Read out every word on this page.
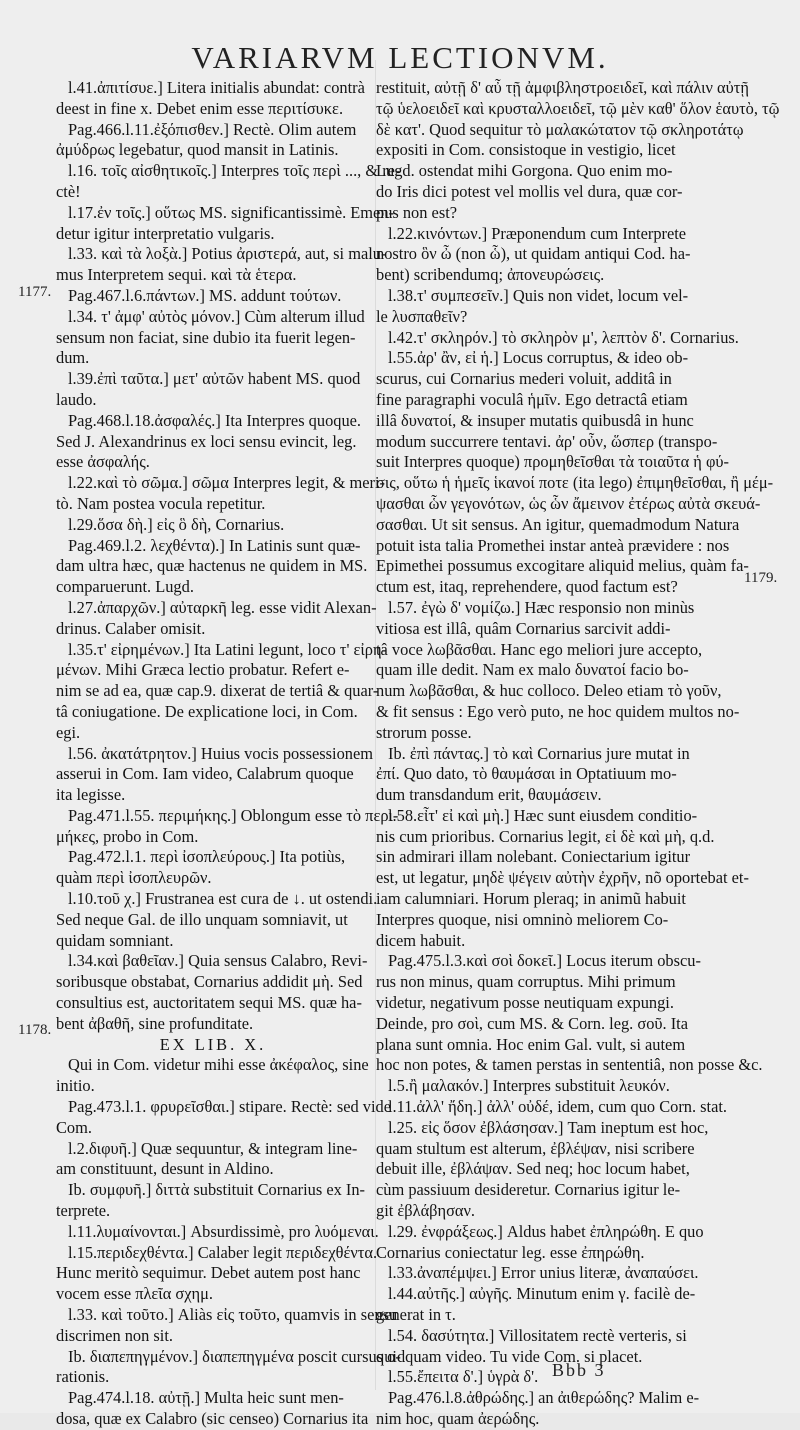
VARIARVM LECTIONVM.
1177.
1178.
1179.

l.41.ἀπιτίσυε.] Litera initialis abundat: contrà

deest in fine x. Debet enim esse περιτίσυκε.

Pag.466.l.11.ἐξόπισθεν.] Rectè. Olim autem

ἀμύδρως legebatur, quod mansit in Latinis.

l.16. τοῖς αἰσθητικοῖς.] Interpres τοῖς περὶ ..., & re-

ctè!

l.17.ἐν τοῖς.] οὕτως MS. significantissimè. Emen-

detur igitur interpretatio vulgaris.

l.33. καὶ τὰ λοξὰ.] Potius ἀριστερά, aut, si malu-

mus Interpretem sequi. καὶ τὰ ἑτερα.

Pag.467.l.6.πάντων.] MS. addunt τούτων.

l.34. τ' ἀμφ' αὐτὸς μόνον.] Cùm alterum illud

sensum non faciat, sine dubio ita fuerit legen-

dum.

l.39.ἐπὶ ταῦτα.] μετ' αὐτῶν habent MS. quod

laudo.

Pag.468.l.18.ἀσφαλές.] Ita Interpres quoque.

Sed J. Alexandrinus ex loci sensu evincit, leg.

esse ἀσφαλής.

l.22.καὶ τὸ σῶμα.] σῶμα Interpres legit, & meri-

tò. Nam postea vocula repetitur.

l.29.ὅσα δὴ.] εἰς ὃ δὴ, Cornarius.

Pag.469.l.2. λεχθέντα).] In Latinis sunt quæ-

dam ultra hæc, quæ hactenus ne quidem in MS.

comparuerunt. Lugd.

l.27.ἀπαρχῶν.] αὐταρκῆ leg. esse vidit Alexan-

drinus. Calaber omisit.

l.35.τ' εἰρημένων.] Ita Latini legunt, loco τ' εἰρη-

μένων. Mihi Græca lectio probatur. Refert e-

nim se ad ea, quæ cap.9. dixerat de tertiâ & quar-

tâ coniugatione. De explicatione loci, in Com.

egi.

l.56. ἀκατάτρητον.] Huius vocis possessionem

asserui in Com. Iam video, Calabrum quoque

ita legisse.

Pag.471.l.55. περιμήκης.] Oblongum esse τὸ περι-

μήκες, probo in Com.

Pag.472.l.1. περὶ ἰσοπλεύρους.] Ita potiùs,

quàm περὶ ἰσοπλευρῶν.

l.10.τοῦ χ.] Frustranea est cura de ↓. ut ostendi.

Sed neque Gal. de illo unquam somniavit, ut

quidam somniant.

l.34.καὶ βαθεῖαν.] Quia sensus Calabro, Revi-

soribusque obstabat, Cornarius addidit μὴ. Sed

consultius est, auctoritatem sequi MS. quæ ha-

bent ἀβαθῆ, sine profunditate.

EX LIB. X.

Qui in Com. videtur mihi esse ἀκέφαλος, sine

initio.

Pag.473.l.1. φρυρεῖσθαι.] stipare. Rectè: sed vide

Com.

l.2.διφυῆ.] Quæ sequuntur, & integram line-

am constituunt, desunt in Aldino.

Ib. συμφυῆ.] διττὰ substituit Cornarius ex In-

terprete.

l.11.λυμαίνονται.] Absurdissimè, pro λυόμεναι.

l.15.περιδεχθέντα.] Calaber legit περιδεχθέντα.

Hunc meritò sequimur. Debet autem post hanc

vocem esse πλεῖα σχημ.

l.33. καὶ τοῦτο.] Aliàs εἰς τοῦτο, quamvis in sensu

discrimen non sit.

Ib. διαπεπηγμένον.] διαπεπηγμένα poscit cursus o-

rationis.

Pag.474.l.18. αὐτῇ.] Multa heic sunt men-

dosa, quæ ex Calabro (sic censeo) Cornarius ita

restituit, αὐτῇ δ' αὖ τῇ ἀμφιβληστροειδεῖ, καὶ πάλιν αὐτῇ

τῷ ὑελοειδεῖ καὶ κρυσταλλοειδεῖ, τῷ μὲν καθ' ὅλον ἑαυτὸ, τῷ

δὲ κατ'. Quod sequitur τὸ μαλακώτατον τῷ σκληροτάτῳ

expositi in Com. consistoque in vestigio, licet

Lugd. ostendat mihi Gorgona. Quo enim mo-

do Iris dici potest vel mollis vel dura, quæ cor-

pus non est?

l.22.κινόντων.] Præponendum cum Interprete

nostro ὃν ὦ (non ὧ), ut quidam antiqui Cod. ha-

bent) scribendumq; ἀπονευρώσεις.

l.38.τ' συμπεσεῖν.] Quis non videt, locum vel-

le λυσπαθεῖν?

l.42.τ' σκληρόν.] τὸ σκληρὸν μ', λεπτὸν δ'. Cornarius.

l.55.ἀρ' ἂν, εἰ ἡ.] Locus corruptus, & ideo ob-

scurus, cui Cornarius mederi voluit, additâ in

fine paragraphi voculâ ἡμῖν. Ego detractâ etiam

illâ δυνατοί, & insuper mutatis quibusdâ in hunc

modum succurrere tentavi. ἀρ' οὖν, ὥσπερ (transpo-

suit Interpres quoque) προμηθεῖσθαι τὰ τοιαῦτα ἡ φύ-

σις, οὕτω ἡ ἡμεῖς ἱκανοί ποτε (ita lego) ἐπιμηθεῖσθαι, ἢ μέμ-

ψασθαι ὧν γεγονότων, ὡς ὧν ἄμεινον ἐτέρως αὐτὰ σκευά-

σασθαι. Ut sit sensus. An igitur, quemadmodum Natura

potuit ista talia Promethei instar anteà prævidere : nos

Epimethei possumus excogitare aliquid melius, quàm fa-

ctum est, itaq, reprehendere, quod factum est?

l.57. ἐγὼ δ' νομίζω.] Hæc responsio non minùs

vitiosa est illâ, quâm Cornarius sarcivit addi-

tâ voce λωβᾶσθαι. Hanc ego meliori jure accepto,

quam ille dedit. Nam ex malo δυνατοί facio bo-

num λωβᾶσθαι, & huc colloco. Deleo etiam τὸ γοῦν,

& fit sensus : Ego verò puto, ne hoc quidem multos no-

strorum posse.

Ib. ἐπὶ πάντας.] τὸ καὶ Cornarius jure mutat in

ἐπί. Quo dato, τὸ θαυμάσαι in Optatiuum mo-

dum transdandum erit, θαυμάσειν.

l.58.εἶτ' εἰ καὶ μὴ.] Hæc sunt eiusdem conditio-

nis cum prioribus. Cornarius legit, εἰ δὲ καὶ μὴ, q.d.

sin admirari illam nolebant. Coniectarium igitur

est, ut legatur, μηδὲ ψέγειν αὐτὴν ἐχρῆν, nõ oportebat et-

iam calumniari. Horum pleraq; in animũ habuit

Interpres quoque, nisi omninò meliorem Co-

dicem habuit.

Pag.475.l.3.καὶ σοὶ δοκεῖ.] Locus iterum obscu-

rus non minus, quam corruptus. Mihi primum

videtur, negativum posse neutiquam expungi.

Deinde, pro σοὶ, cum MS. & Corn. leg. σοῦ. Ita

plana sunt omnia. Hoc enim Gal. vult, si autem

hoc non potes, & tamen perstas in sententiâ, non posse &c.

l.5.ἢ μαλακόν.] Interpres substituit λευκόν.

l.11.ἀλλ' ἤδη.] ἀλλ' οὐδέ, idem, cum quo Corn. stat.

l.25. εἰς ὅσον ἐβλάσησαν.] Tam ineptum est hoc,

quam stultum est alterum, ἐβλέψαν, nisi scribere

debuit ille, ἐβλάψαν. Sed neq; hoc locum habet,

cùm passiuum desideretur. Cornarius igitur le-

git ἐβλάβησαν.

l.29. ἐνφράξεως.] Aldus habet ἐπληρώθη. E quo

Cornarius coniectatur leg. esse ἐπηρώθη.

l.33.ἀναπέμψει.] Error unius literæ, ἀναπαύσει.

l.44.αὐτῆς.] αὐγῆς. Minutum enim γ. facilè de-

generat in τ.

l.54. δασύτητα.] Villositatem rectè verteris, si

quidquam video. Tu vide Com. si placet.

l.55.ἔπειτα δ'.] ὑγρὰ δ'.

Pag.476.l.8.ἀθρώδης.] an ἀιθερώδης? Malim e-

nim hoc, quam ἀερώδης.

Bbb 3
